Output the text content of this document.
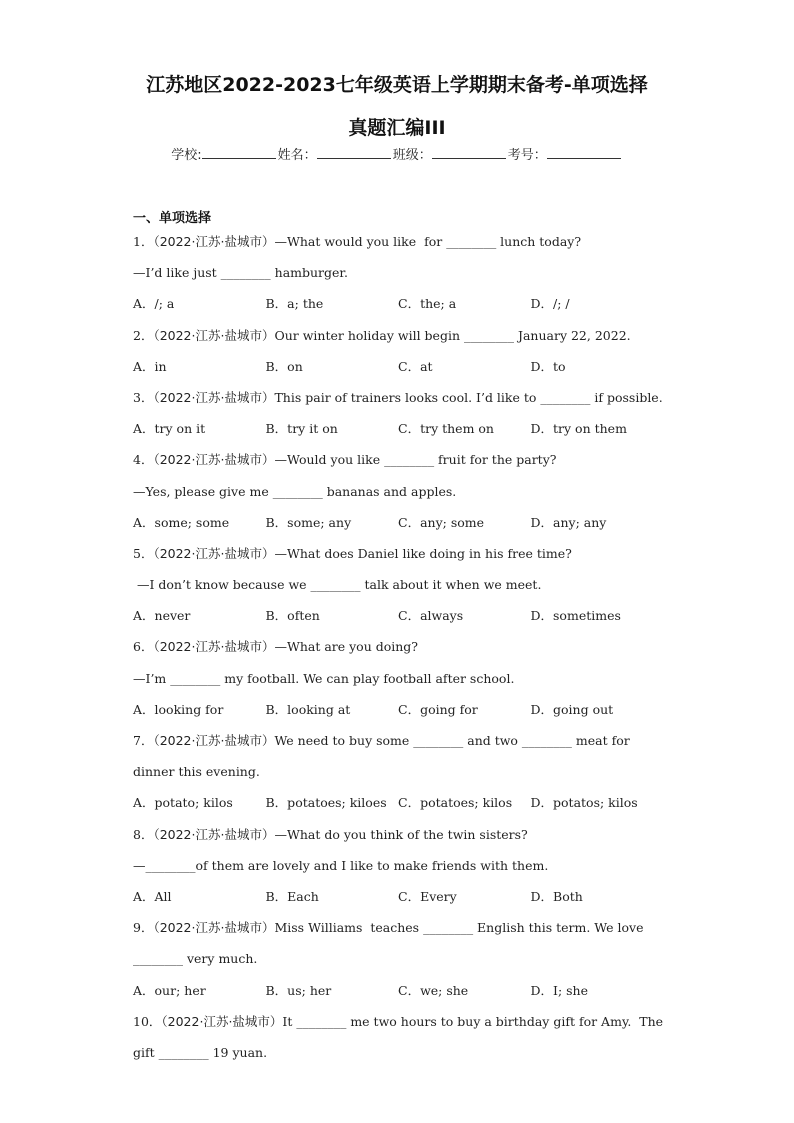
江苏地区2022-2023七年级英语上学期期末备考-单项选择
真题汇编III
学校:	姓名：	班级：	考号：
一、单项选择
1．（2022·江苏·盐城市）—What would you like  for ________ lunch today?
—I’d like just ________ hamburger.
A．/; a	B．a; the	C．the; a	D．/; /
2．（2022·江苏·盐城市）Our winter holiday will begin ________ January 22, 2022.
A．in	B．on	C．at	D．to
3．（2022·江苏·盐城市）This pair of trainers looks cool. I’d like to ________ if possible.
A．try on it	B．try it on	C．try them on	D．try on them
4．（2022·江苏·盐城市）—Would you like ________ fruit for the party?
—Yes, please give me ________ bananas and apples.
A．some; some	B．some; any	C．any; some	D．any; any
5．（2022·江苏·盐城市）—What does Daniel like doing in his free time?
—I don’t know because we ________ talk about it when we meet.
A．never	B．often	C．always	D．sometimes
6．（2022·江苏·盐城市）—What are you doing?
—I’m ________ my football. We can play football after school.
A．looking for	B．looking at	C．going for	D．going out
7．（2022·江苏·盐城市）We need to buy some ________ and two ________ meat for
dinner this evening.
A．potato; kilos	B．potatoes; kiloes C．potatoes; kilos	D．potatos; kilos
8．（2022·江苏·盐城市）—What do you think of the twin sisters?
—________of them are lovely and I like to make friends with them.
A．All	B．Each	C．Every	D．Both
9．（2022·江苏·盐城市）Miss Williams  teaches ________ English this term. We love
________ very much.
A．our; her	B．us; her	C．we; she	D．I; she
10．（2022·江苏·盐城市）It ________ me two hours to buy a birthday gift for Amy.  The
gift ________ 19 yuan.
